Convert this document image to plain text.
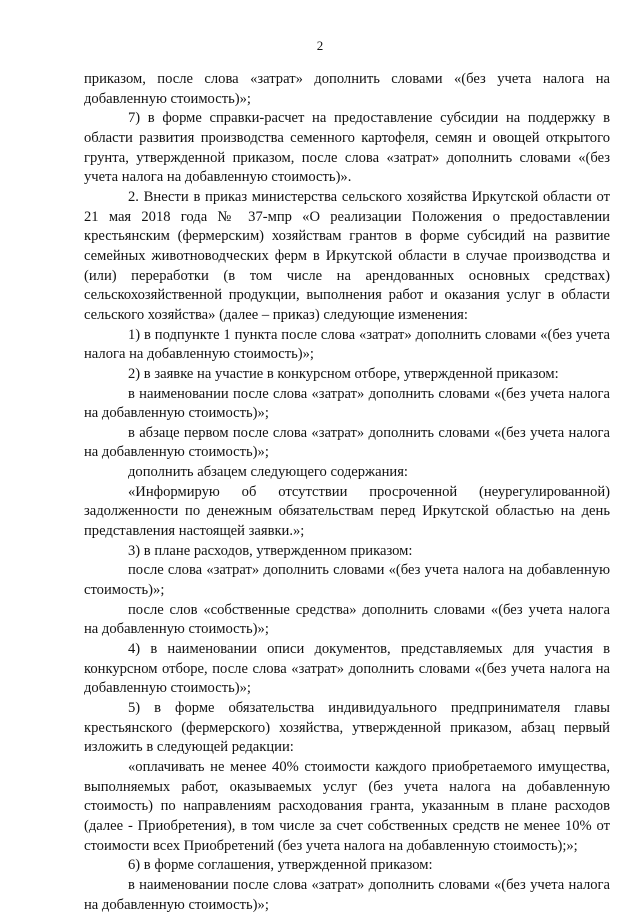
2

приказом, после слова «затрат» дополнить словами «(без учета налога на добавленную стоимость)»;

7) в форме справки-расчет на предоставление субсидии на поддержку в области развития производства семенного картофеля, семян и овощей открытого грунта, утвержденной приказом, после слова «затрат» дополнить словами «(без учета налога на добавленную стоимость)».

2. Внести в приказ министерства сельского хозяйства Иркутской области от 21 мая 2018 года № 37-мпр «О реализации Положения о предоставлении крестьянским (фермерским) хозяйствам грантов в форме субсидий на развитие семейных животноводческих ферм в Иркутской области в случае производства и (или) переработки (в том числе на арендованных основных средствах) сельскохозяйственной продукции, выполнения работ и оказания услуг в области сельского хозяйства» (далее – приказ) следующие изменения:

1) в подпункте 1 пункта после слова «затрат» дополнить словами «(без учета налога на добавленную стоимость)»;

2) в заявке на участие в конкурсном отборе, утвержденной приказом:

в наименовании после слова «затрат» дополнить словами «(без учета налога на добавленную стоимость)»;

в абзаце первом после слова «затрат» дополнить словами «(без учета налога на добавленную стоимость)»;

дополнить абзацем следующего содержания:

«Информирую об отсутствии просроченной (неурегулированной) задолженности по денежным обязательствам перед Иркутской областью на день представления настоящей заявки.»;

3) в плане расходов, утвержденном приказом:

после слова «затрат» дополнить словами «(без учета налога на добавленную стоимость)»;

после слов «собственные средства» дополнить словами «(без учета налога на добавленную стоимость)»;

4) в наименовании описи документов, представляемых для участия в конкурсном отборе, после слова «затрат» дополнить словами «(без учета налога на добавленную стоимость)»;

5) в форме обязательства индивидуального предпринимателя главы крестьянского (фермерского) хозяйства, утвержденной приказом, абзац первый изложить в следующей редакции:

«оплачивать не менее 40% стоимости каждого приобретаемого имущества, выполняемых работ, оказываемых услуг (без учета налога на добавленную стоимость) по направлениям расходования гранта, указанным в плане расходов (далее - Приобретения), в том числе за счет собственных средств не менее 10% от стоимости всех Приобретений (без учета налога на добавленную стоимость);»;

6) в форме соглашения, утвержденной приказом:

в наименовании после слова «затрат» дополнить словами «(без учета налога на добавленную стоимость)»;
